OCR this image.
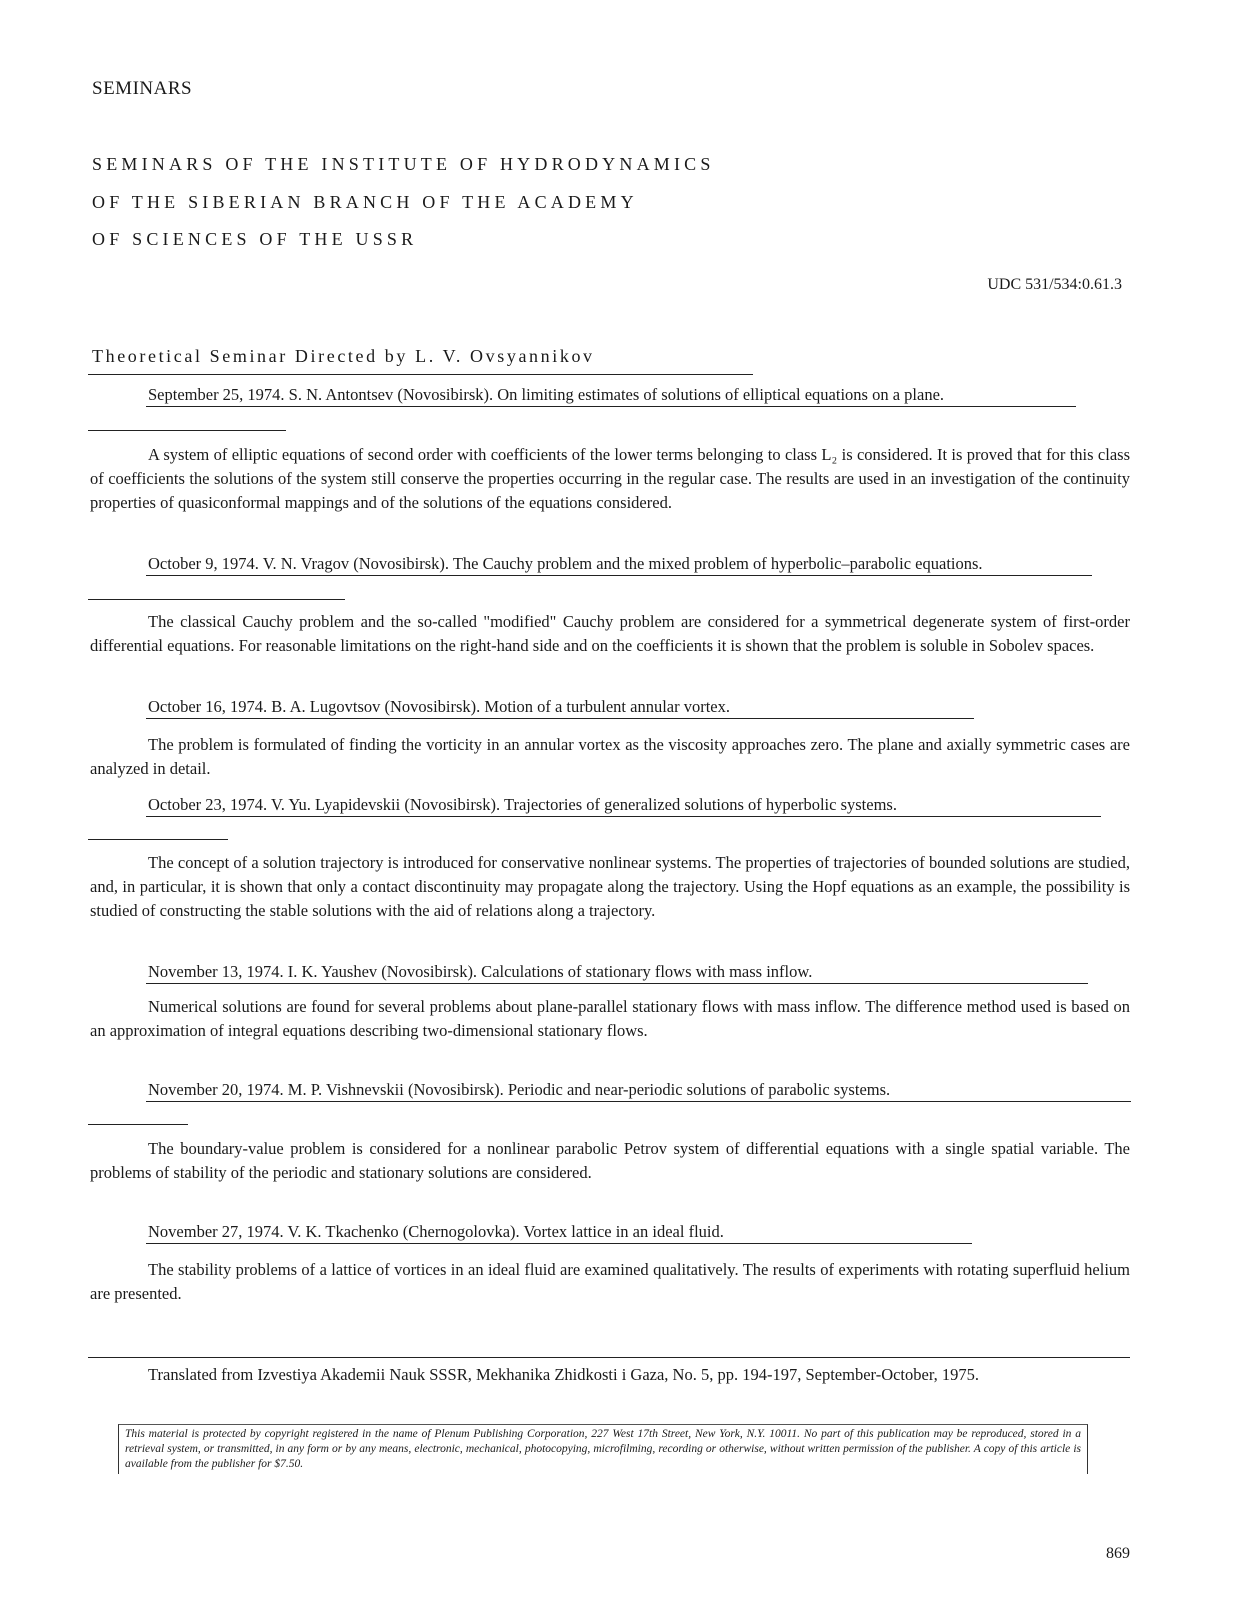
SEMINARS
SEMINARS OF THE INSTITUTE OF HYDRODYNAMICS
OF THE SIBERIAN BRANCH OF THE ACADEMY
OF SCIENCES OF THE USSR
UDC 531/534:0.61.3
Theoretical Seminar Directed by L. V. Ovsyannikov
September 25, 1974. S. N. Antontsev (Novosibirsk). On limiting estimates of solutions of elliptical equations on a plane.
A system of elliptic equations of second order with coefficients of the lower terms belonging to class L₂ is considered. It is proved that for this class of coefficients the solutions of the system still conserve the properties occurring in the regular case. The results are used in an investigation of the continuity properties of quasiconformal mappings and of the solutions of the equations considered.
October 9, 1974. V. N. Vragov (Novosibirsk). The Cauchy problem and the mixed problem of hyperbolic–parabolic equations.
The classical Cauchy problem and the so-called "modified" Cauchy problem are considered for a symmetrical degenerate system of first-order differential equations. For reasonable limitations on the right-hand side and on the coefficients it is shown that the problem is soluble in Sobolev spaces.
October 16, 1974. B. A. Lugovtsov (Novosibirsk). Motion of a turbulent annular vortex.
The problem is formulated of finding the vorticity in an annular vortex as the viscosity approaches zero. The plane and axially symmetric cases are analyzed in detail.
October 23, 1974. V. Yu. Lyapidevskii (Novosibirsk). Trajectories of generalized solutions of hyperbolic systems.
The concept of a solution trajectory is introduced for conservative nonlinear systems. The properties of trajectories of bounded solutions are studied, and, in particular, it is shown that only a contact discontinuity may propagate along the trajectory. Using the Hopf equations as an example, the possibility is studied of constructing the stable solutions with the aid of relations along a trajectory.
November 13, 1974. I. K. Yaushev (Novosibirsk). Calculations of stationary flows with mass inflow.
Numerical solutions are found for several problems about plane-parallel stationary flows with mass inflow. The difference method used is based on an approximation of integral equations describing two-dimensional stationary flows.
November 20, 1974. M. P. Vishnevskii (Novosibirsk). Periodic and near-periodic solutions of parabolic systems.
The boundary-value problem is considered for a nonlinear parabolic Petrov system of differential equations with a single spatial variable. The problems of stability of the periodic and stationary solutions are considered.
November 27, 1974. V. K. Tkachenko (Chernogolovka). Vortex lattice in an ideal fluid.
The stability problems of a lattice of vortices in an ideal fluid are examined qualitatively. The results of experiments with rotating superfluid helium are presented.
Translated from Izvestiya Akademii Nauk SSSR, Mekhanika Zhidkosti i Gaza, No. 5, pp. 194-197, September-October, 1975.
This material is protected by copyright registered in the name of Plenum Publishing Corporation, 227 West 17th Street, New York, N.Y. 10011. No part of this publication may be reproduced, stored in a retrieval system, or transmitted, in any form or by any means, electronic, mechanical, photocopying, microfilming, recording or otherwise, without written permission of the publisher. A copy of this article is available from the publisher for $7.50.
869
